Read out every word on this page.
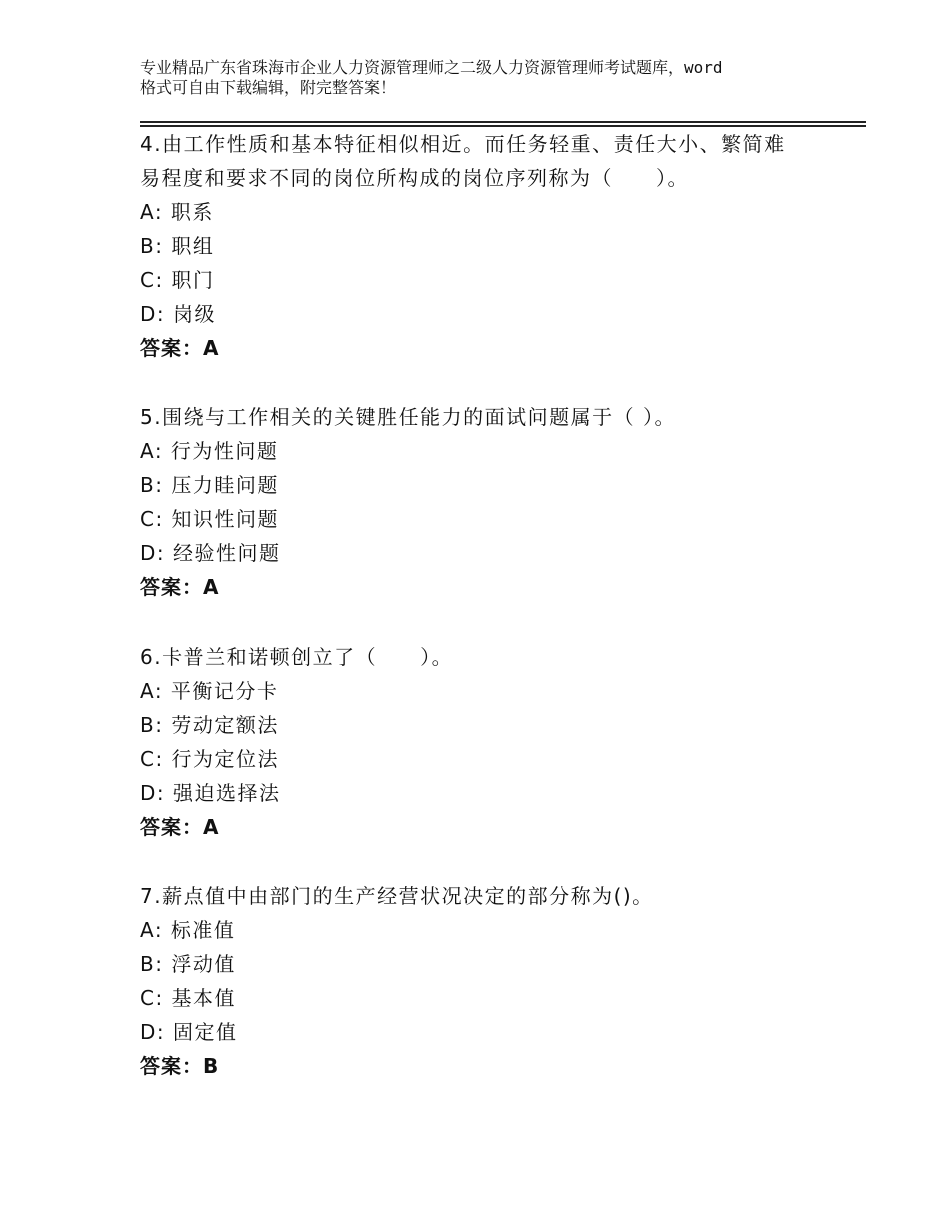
专业精品广东省珠海市企业人力资源管理师之二级人力资源管理师考试题库，word
格式可自由下载编辑，附完整答案！

4.由工作性质和基本特征相似相近。而任务轻重、责任大小、繁简难

易程度和要求不同的岗位所构成的岗位序列称为（　　）。

A: 职系
B: 职组
C: 职门
D: 岗级

答案：A

5.围绕与工作相关的关键胜任能力的面试问题属于（ ）。

A: 行为性问题
B: 压力眭问题
C: 知识性问题
D: 经验性问题

答案：A

6.卡普兰和诺顿创立了（　　）。

A: 平衡记分卡
B: 劳动定额法
C: 行为定位法
D: 强迫选择法

答案：A

7.薪点值中由部门的生产经营状况决定的部分称为()。

A: 标准值
B: 浮动值
C: 基本值
D: 固定值

答案：B
